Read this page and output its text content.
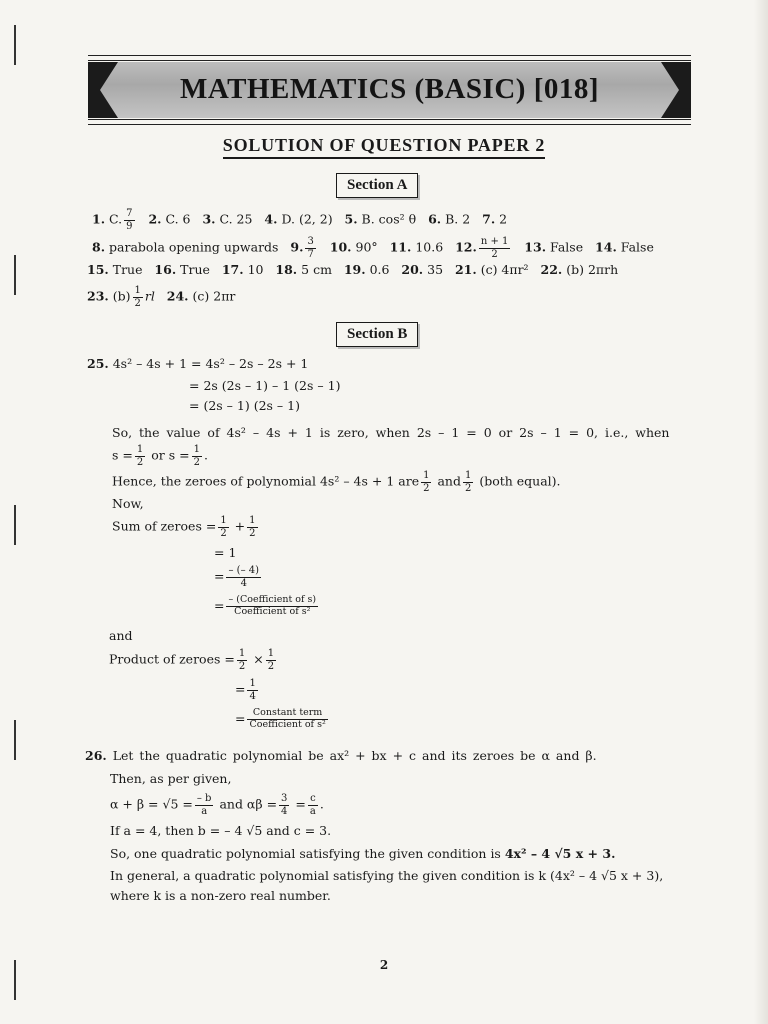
MATHEMATICS (BASIC) [018]
SOLUTION OF QUESTION PAPER 2
Section A
1. C. $\frac{7}{9} 2$. C. 6 3. C. 25 4. D. (2, 2) 5. B. cos² θ 6. B. 2 7. 2
8. parabola opening upwards 9. $\frac{3}{7} 10$. 90° 11. 10.6 12. $\frac{n + 1}{2} 13$. False 14. False
15. True 16. True 17. 10 18. 5 cm 19. 0.6 20. 35 21. (c) 4πr² 22. (b) 2πrh
23. $(b) \frac{1}{2}$ rl 24. (c) 2πr
Section B
25. 4s² – 4s + 1 = 4s² – 2s – 2s + 1
= 2s (2s – 1) – 1 (2s – 1)
= (2s – 1) (2s – 1)
So, the value of 4s² – 4s + 1 is zero, when 2s – 1 = 0 or 2s – 1 = 0, i.e., when
$s = \frac{1}{2}$ or $s = \frac{1}{2}$ .
Hence, the zeroes of polynomial 4s² – 4s + 1 are $\frac{1}{2}$ and $\frac{1}{2}$ (both equal).
Now,
Sum of zeroes = $\frac{1}{2} + \frac{1}{2}$
= 1
= $\frac{- (- 4)}{4}$
= $\frac{\text{– (Coefficient of s)}}{\text{Coefficient of s²}}$
and
Product of zeroes = $\frac{1}{2} \times \frac{1}{2}$
= $\frac{1}{4}$
= $\frac{\text{Constant term}}{\text{Coefficient of s²}}$
26. Let the quadratic polynomial be ax² + bx + c and its zeroes be α and β.
Then, as per given,
$\alpha + \beta = √5 = \frac{- b}{a}$ and $\alpha\beta = \frac{3}{4} = \frac{c}{a}$ .
If a = 4, then b = – 4 √5 and c = 3.
So, one quadratic polynomial satisfying the given condition is 4x² – 4 √5 x + 3.
In general, a quadratic polynomial satisfying the given condition is k (4x² – 4 √5 x + 3),
where k is a non-zero real number.
2
